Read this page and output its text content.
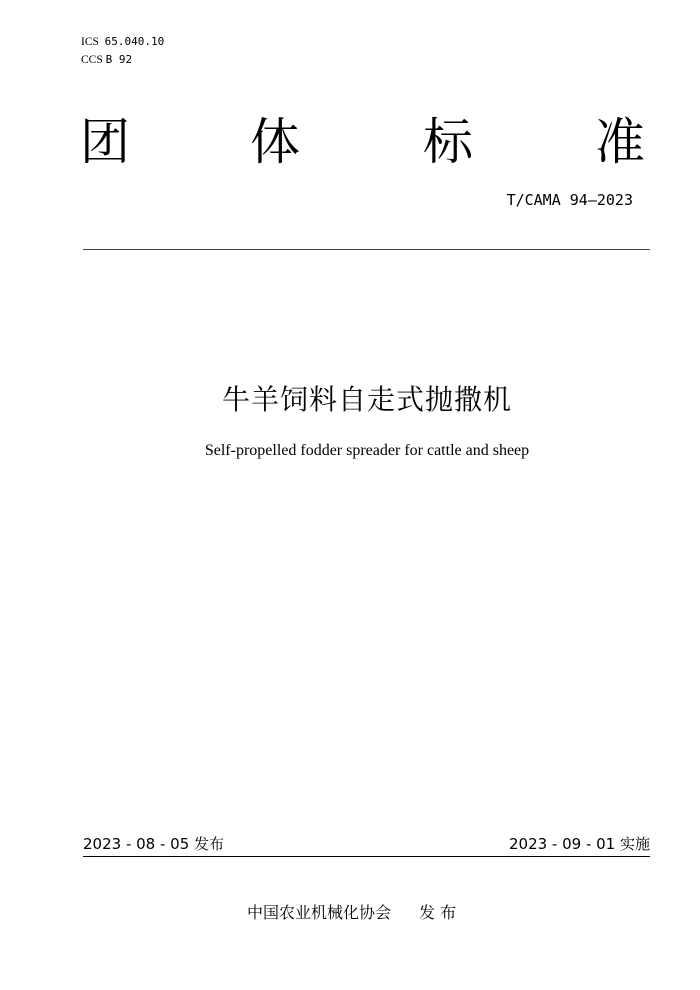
ICS 65.040.10
CCS B 92
团 体 标 准
T/CAMA 94—2023
牛羊饲料自走式抛撒机
Self-propelled fodder spreader for cattle and sheep
2023 - 08 - 05 发布	2023 - 09 - 01 实施
中国农业机械化协会 发 布
